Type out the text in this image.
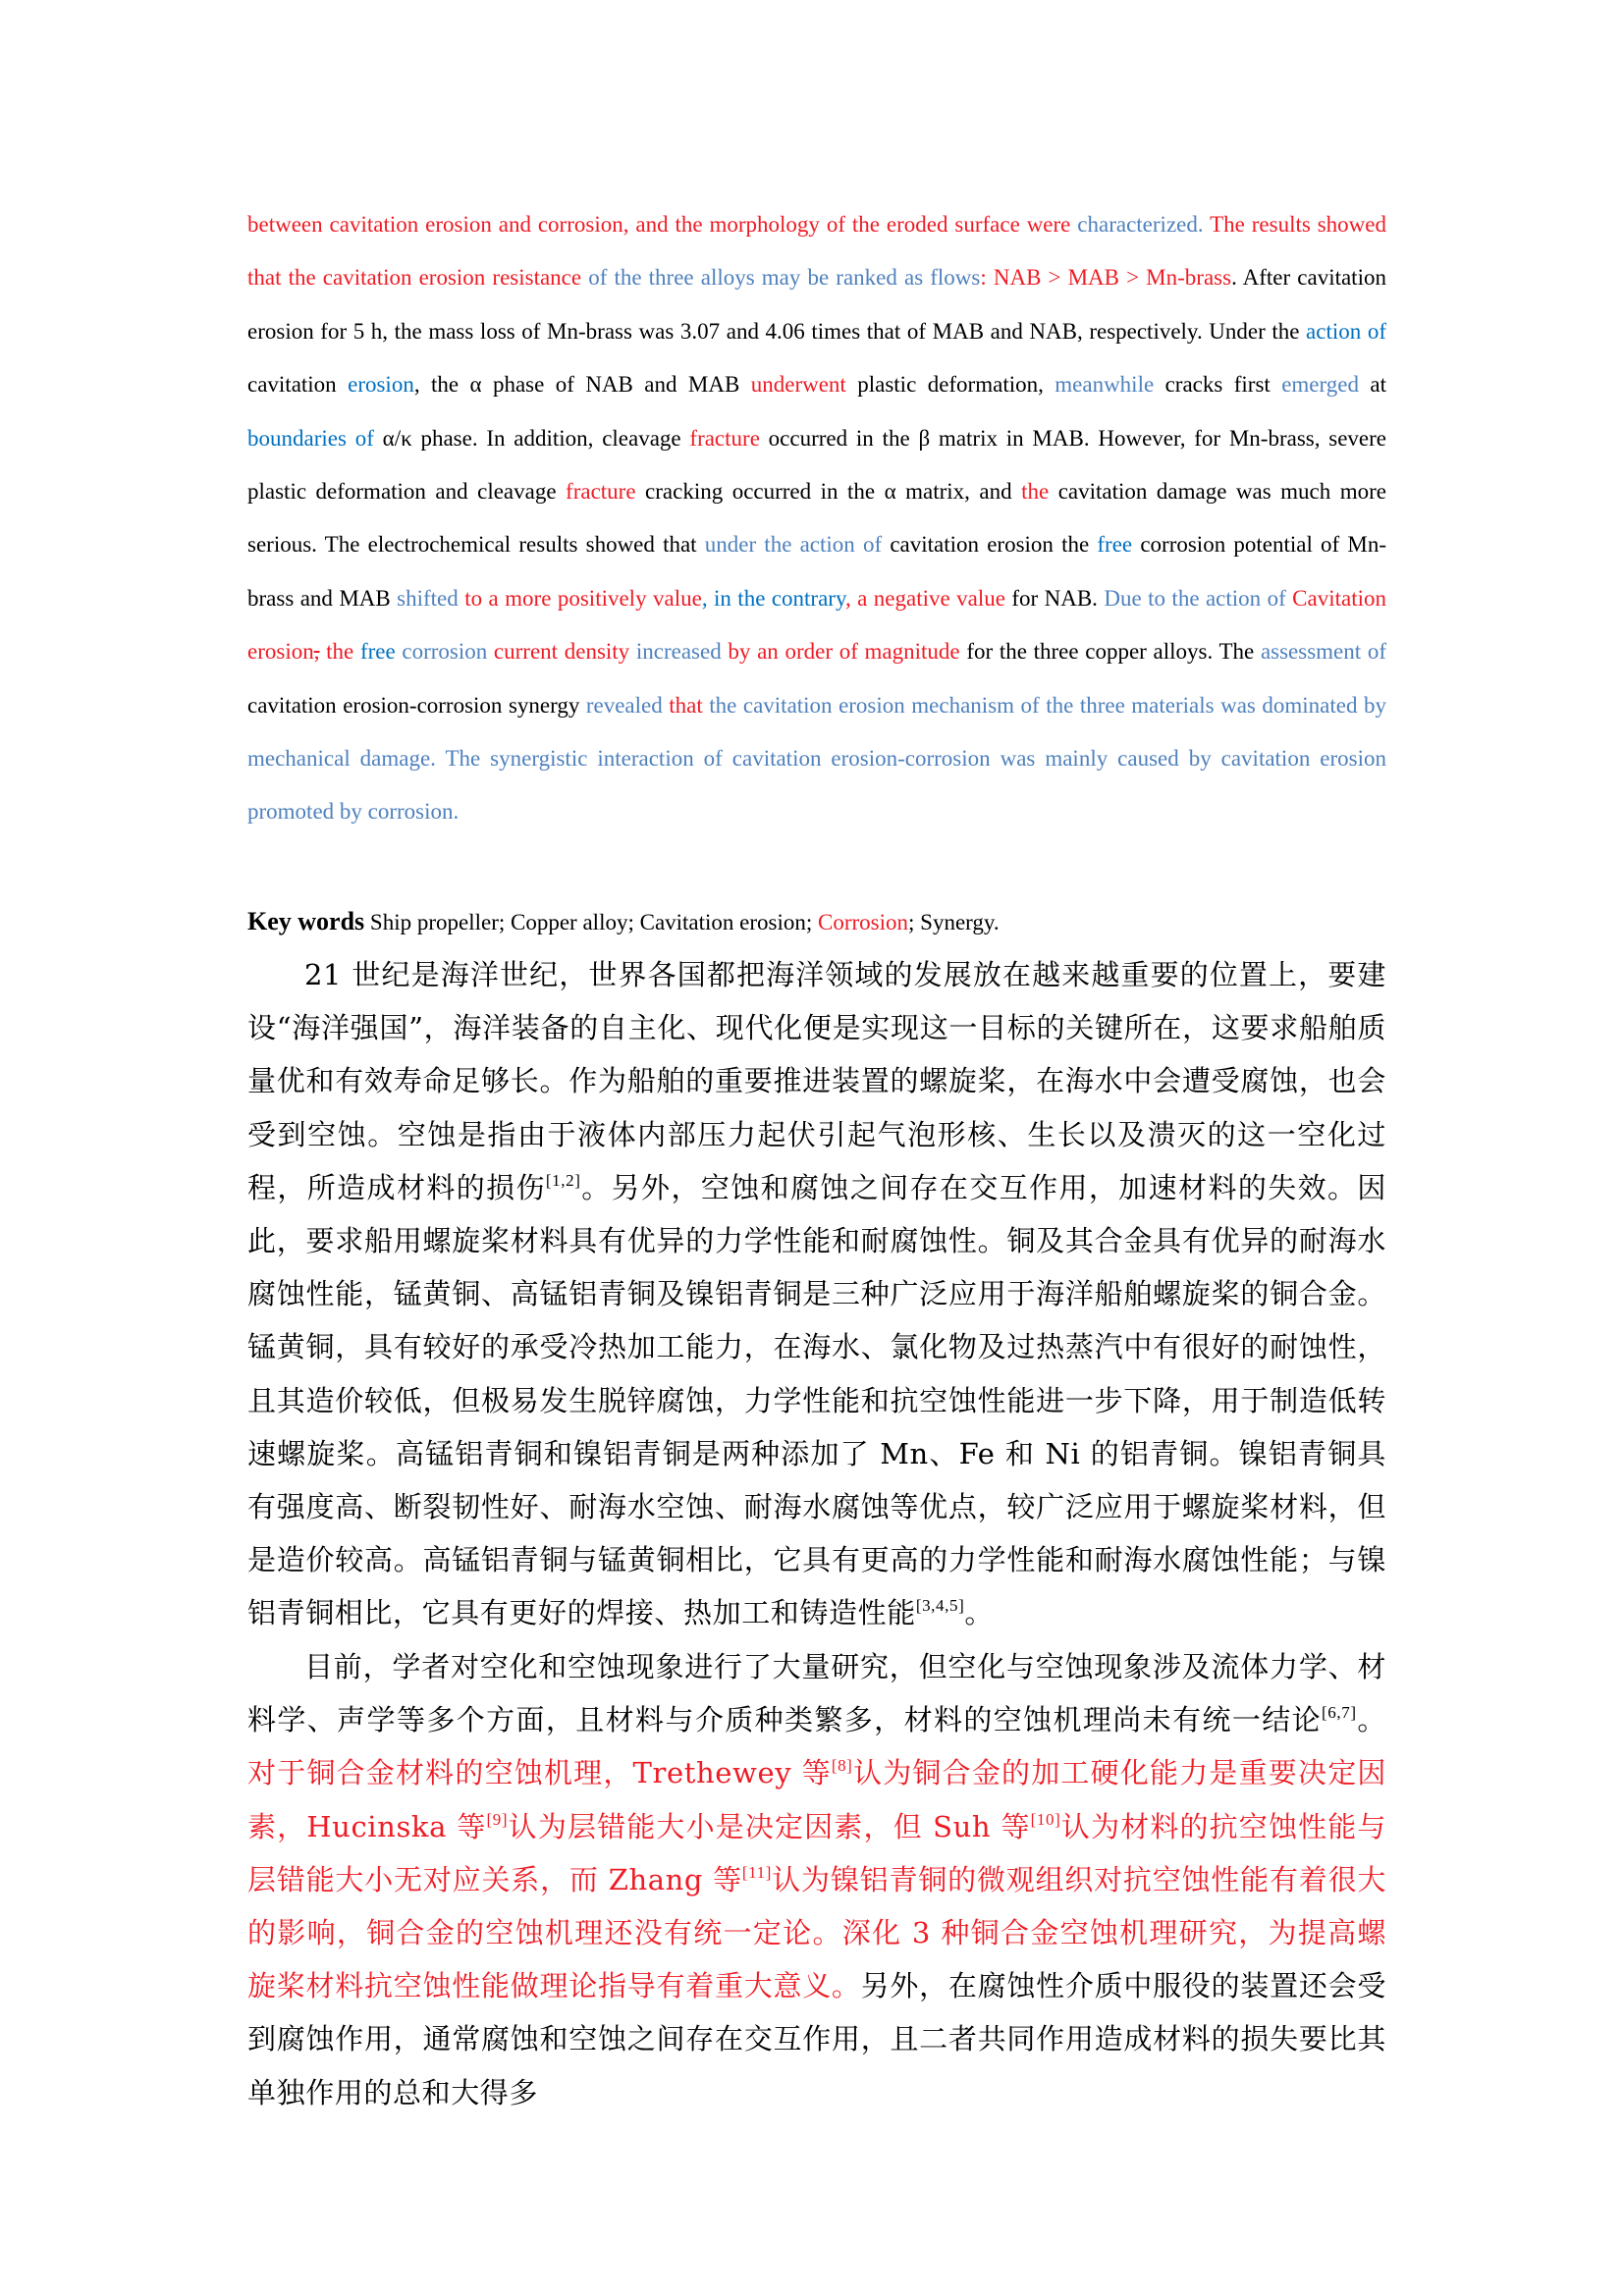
between cavitation erosion and corrosion, and the morphology of the eroded surface were characterized. The results showed that the cavitation erosion resistance of the three alloys may be ranked as flows: NAB > MAB > Mn-brass. After cavitation erosion for 5 h, the mass loss of Mn-brass was 3.07 and 4.06 times that of MAB and NAB, respectively. Under the action of cavitation erosion, the α phase of NAB and MAB underwent plastic deformation, meanwhile cracks first emerged at boundaries of α/κ phase. In addition, cleavage fracture occurred in the β matrix in MAB. However, for Mn-brass, severe plastic deformation and cleavage fracture cracking occurred in the α matrix, and the cavitation damage was much more serious. The electrochemical results showed that under the action of cavitation erosion the free corrosion potential of Mn-brass and MAB shifted to a more positively value, in the contrary, a negative value for NAB. Due to the action of Cavitation erosion, the free corrosion current density increased by an order of magnitude for the three copper alloys. The assessment of cavitation erosion-corrosion synergy revealed that the cavitation erosion mechanism of the three materials was dominated by mechanical damage. The synergistic interaction of cavitation erosion-corrosion was mainly caused by cavitation erosion promoted by corrosion.
Key words Ship propeller; Copper alloy; Cavitation erosion; Corrosion; Synergy.

21 世纪是海洋世纪，世界各国都把海洋领域的发展放在越来越重要的位置上，要建设“海洋强国”，海洋装备的自主化、现代化便是实现这一目标的关键所在，这要求船舶质量优和有效寿命足够长。作为船舶的重要推进装置的螺旋桨，在海水中会遭受腐蚀，也会受到空蚀。空蚀是指由于液体内部压力起伏引起气泡形核、生长以及溃灭的这一空化过程，所造成材料的损伤[1,2]。另外，空蚀和腐蚀之间存在交互作用，加速材料的失效。因此，要求船用螺旋桨材料具有优异的力学性能和耐腐蚀性。铜及其合金具有优异的耐海水腐蚀性能，锰黄铜、高锰铝青铜及镍铝青铜是三种广泛应用于海洋船舶螺旋桨的铜合金。锰黄铜，具有较好的承受冷热加工能力，在海水、氯化物及过热蒸汽中有很好的耐蚀性，且其造价较低，但极易发生脱锌腐蚀，力学性能和抗空蚀性能进一步下降，用于制造低转速螺旋桨。高锰铝青铜和镍铝青铜是两种添加了 Mn、Fe 和 Ni 的铝青铜。镍铝青铜具有强度高、断裂韧性好、耐海水空蚀、耐海水腐蚀等优点，较广泛应用于螺旋桨材料，但是造价较高。高锰铝青铜与锰黄铜相比，它具有更高的力学性能和耐海水腐蚀性能；与镍铝青铜相比，它具有更好的焊接、热加工和铸造性能[3,4,5]。

目前，学者对空化和空蚀现象进行了大量研究，但空化与空蚀现象涉及流体力学、材料学、声学等多个方面，且材料与介质种类繁多，材料的空蚀机理尚未有统一结论[6,7]。对于铜合金材料的空蚀机理，Trethewey 等[8]认为铜合金的加工硬化能力是重要决定因素，Hucinska 等[9]认为层错能大小是决定因素，但 Suh 等[10]认为材料的抗空蚀性能与层错能大小无对应关系，而 Zhang 等[11]认为镍铝青铜的微观组织对抗空蚀性能有着很大的影响，铜合金的空蚀机理还没有统一定论。深化 3 种铜合金空蚀机理研究，为提高螺旋桨材料抗空蚀性能做理论指导有着重大意义。另外，在腐蚀性介质中服役的装置还会受到腐蚀作用，通常腐蚀和空蚀之间存在交互作用，且二者共同作用造成材料的损失要比其单独作用的总和大得多
